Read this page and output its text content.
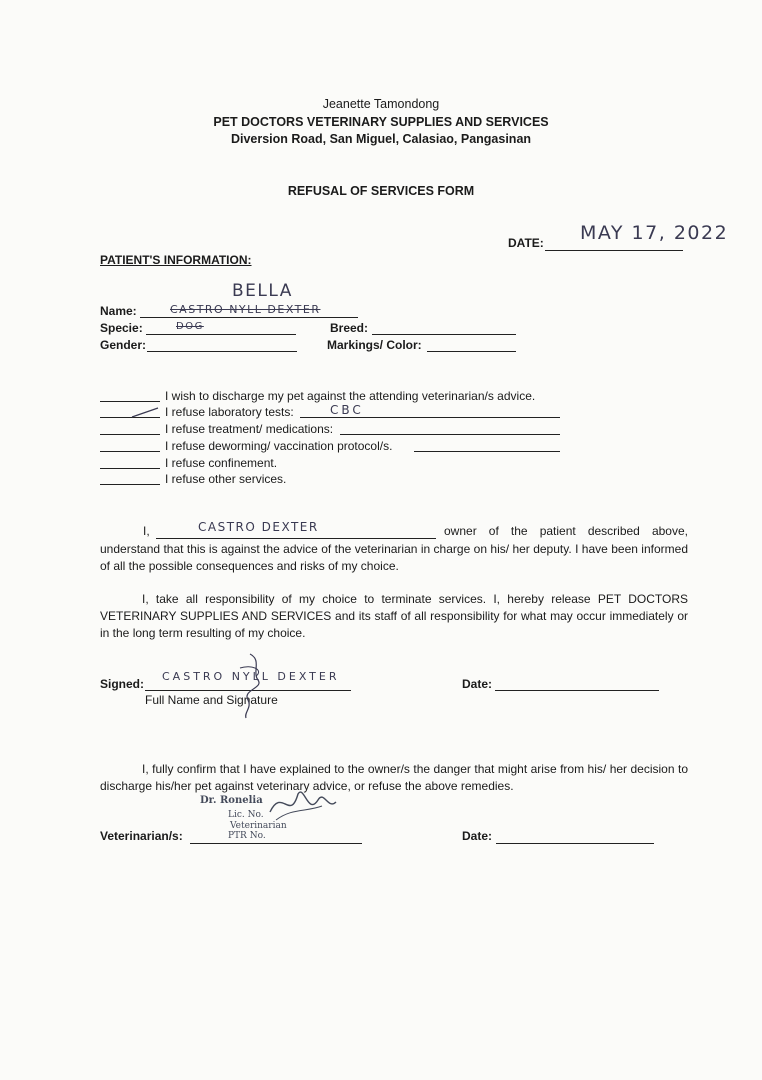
Jeanette Tamondong
PET DOCTORS VETERINARY SUPPLIES AND SERVICES
Diversion Road, San Miguel, Calasiao, Pangasinan
REFUSAL OF SERVICES FORM
DATE: MAY 17, 2022
PATIENT'S INFORMATION:
Name:	CASTRO NYLL DEXTER
BELLA
Specie:	DOG	Breed:
Gender:	Markings/ Color:
I wish to discharge my pet against the attending veterinarian/s advice.
I refuse laboratory tests:	CBC
I refuse treatment/ medications:
I refuse deworming/ vaccination protocol/s.
I refuse confinement.
I refuse other services.
I,	CASTRO DEXTER	owner of the patient described above,
understand that this is against the advice of the veterinarian in charge on his/ her deputy. I have been informed of all the possible consequences and risks of my choice.
I, take all responsibility of my choice to terminate services. I, hereby release PET DOCTORS VETERINARY SUPPLIES AND SERVICES and its staff of all responsibility for what may occur immediately or in the long term resulting of my choice.
Signed:
CASTRO NYLL DEXTER
Full Name and Signature
Date:
I, fully confirm that I have explained to the owner/s the danger that might arise from his/ her decision to discharge his/her pet against veterinary advice, or refuse the above remedies.
Dr. Ronelia
Lic. No.
Veterinarian
PTR No.
Veterinarian/s:	Date:
